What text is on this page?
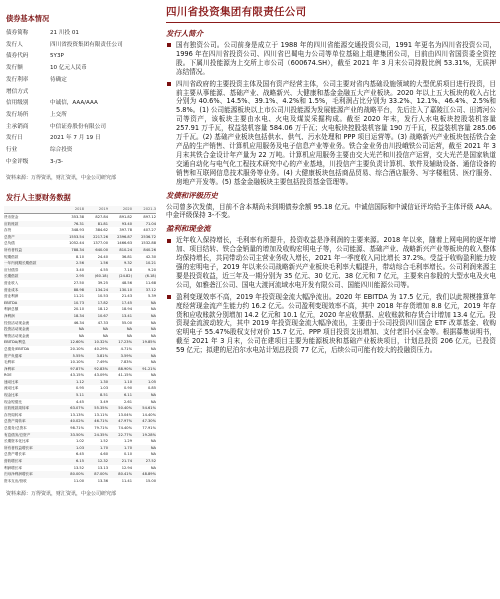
债券基本情况
债券简称	21 川投 01
发行人	四川省投资集团有限责任公司
债券代码	5Y3P
发行额	10 亿元人民币
发行利率	待确定
增信方式	
信用级别	中诚信，AAA/AAA
发行场所	上交所
主承销商	中信证券股份有限公司
发行日	2021 年 7 月 19 日
行业	综合投资
中金评级	3-/3-
资料来源：万得资讯，财汇资讯，中金公司研究部
发行人主要财务数据
	2018	2019	2020	2021.3
货币资金	353.38	827.84	891.82	897.12
应收账款	76.31	81.81	93.40	71.04
存货	348.93	384.62	397.78	407.27
总资产	1553.54	2217.26	2396.87	2536.72
总负债	1052.44	1377.00	1466.63	1532.88
所有者权益	788.34	640.00	810.24	840.26
短期借款	8.10	24.40	36.81	42.30
一年内到期长期借款	2.56	1.56	9.32	10.21
应付债券	3.40	4.55	7.18	9.20
长期借款	2.95	(60.18)	(24.82)	(6.18)
营业收入	27.50	39.25	48.56	11.68
营业成本	88.98	134.24	130.10	37.12
营业利润	11.21	10.53	21.43	5.39
EBITDA	10.73	17.82	17.45	NA
利润总额	20.10	18.12	18.94	NA
净利润	18.34	10.67	13.41	NA
经营活动现金流	46.34	47.33	55.00	NA
投资活动现金流	NA	NA	NA	NA
筹资活动现金流	NA	NA	NA	NA
EBITDA/利息	12.60%	10.32%	17.23%	19.85%
总债务/EBITDA	20.10%	40.29%	4.71%	NA
资产负债率	5.55%	3.81%	3.59%	NA
毛利率	10.10%	7.49%	7.83%	NA
净利率	97.87%	92.83%	88.90%	91.21%
ROE	43.15%	43.09%	41.15%	NA
速动比率	1.12	1.30	1.10	1.05
流动比率	0.95	1.03	0.90	0.85
现金比率	5.11	8.51	6.11	NA
现金短债比	4.45	3.49	2.61	NA
应收账款周转率	63.07%	55.35%	50.40%	54.61%
存货周转率	13.13%	13.11%	13.04%	14.40%
总资产周转率	40.02%	46.71%	47.97%	47.30%
总债务/总资本	98.71%	79.71%	74.40%	77.91%
有息债务/总资产	33.50%	24.35%	22.77%	19.28%
长期资本化比率	1.02	1.52	1.29	NA
所有者权益增长率	1.03	1.70	1.70	NA
总资产增长率	6.45	4.60	0.10	NA
营收增长率	6.15	12.32	21.74	27.52
利润增长率	13.52	13.13	12.94	NA
归母净利润增长率	80.00%	87.00%	80.41%	48.89%
资本支出/营收	11.00	13.36	11.41	15.00
资料来源：万得资讯，财汇资讯，中金公司研究部
四川省投资集团有限责任公司
发行人简介
国有独资公司。公司前身是成立于 1988 年的四川省能源交通投资公司，1991 年更名为四川省投资公司，1996 年在四川省投资公司、四川省巴蜀电力公司等单位基础上组建集团公司，目前由四川省国资委全资控股。下属川投能源为上交所上市公司（600674.SH），截至 2021 年 3 月末公司持股比例 53.31%，无质押冻结情况。
四川省政府的主要投资主体及国有资产经营主体，公司主要对省内基础设施领域的大型优质项目进行投资，目前主要从事能源、基础产业、战略新兴、大健康和基金金融五大产业板块。2020 年以上五大板块的收入占比分别为 40.6%、14.5%、39.1%、4.2%和 1.5%，毛利润占比分别为 33.2%、12.1%、46.4%、2.5%和 5.8%。(1) 公司能源板块以上市公司川投能源为发展能源产业的战略平台，先后注入了嘉陵江公司、田湾河公司等资产，该板块主要由水电、火电及煤炭采掘构成。截至 2020 年末，发行人水电板块控股装机容量 257.91 万千瓦，权益装机容量 584.06 万千瓦；火电板块控股装机容量 190 万千瓦，权益装机容量 285.06 万千瓦。(2) 基础产业板块包括供水、供气、污水处理和 PPP 项目运营等。(3) 战略新兴产业板块包括铁合金产品的生产销售、计算机应用服务及电子信息产业等业务。铁合金业务由川投峨铁公司运营，截至 2021 年 3 月末其铁合金设计年产量为 22 万吨。计算机应用服务主要由交大光芒和川投信产运营，交大光芒是国家轨道交通自动化与电气化工程技术研究中心的产业基地，川投信产主要负责计算机、软件及辅助设备、通信设备的销售和互联网信息技术服务等业务。(4) 大健康板块包括商品贸易、综合酒店服务、写字楼租赁、医疗服务、房地产开发等。(5) 基金金融板块主要包括投资基金管理等。
发债和评级历史
公司曾多次发债，目前不含本期尚未到期债券余额 95.18 亿元。中诚信国际和中诚信证评均给予主体评级 AAA。中金评级保持 3-不变。
盈利和现金流
近年收入保持增长，毛利率有所提升，投资收益是净利润的主要来源。2018 年以来，随着上网电网的逐年增加、项目结转、铁合金销量的增加及收购宏明电子等，公司能源、基础产业、战略新兴产业等板块的收入整体均保持增长，共同带动公司主营业务收入增长，2021 年一季度收入同比增长 37.2%。受益于收购盈利能力较强的宏明电子，2019 年以来公司战略新兴产业板块毛利率大幅提升，带动综合毛利率增长。公司利润来源主要是投资收益，近三年及一期分别为 35 亿元、30 亿元、38 亿元和 7 亿元，主要来自参股的大型水电及火电公司，如雅砻江公司、国电大渡河流域水电开发有限公司、国能四川能源公司等。
盈利变现效率不高，2019 年投资现金流大幅净流出。2020 年 EBITDA 为 17.5 亿元，我们以此规模推算年度经营现金流产生能力约 16.2 亿元。公司盈利变现效率不高，其中 2018 年存货增加 8.8 亿元，2019 年存货和应收账款分别增加 14.2 亿元和 10.1 亿元，2020 年应收票据、应收账款和存货合计增加 13.4 亿元。投资现金流波动较大，其中 2019 年投资现金流大幅净流出，主要由于公司投资四川国企 ETF 改革基金、收购宏明电子 55.47%股权支付对价 15.7 亿元、PPP 项目投资支出增加、支付老旧小区金等。根据募集说明书，截至 2021 年 3 月末，公司在建项目主要为能源板块和基础产业板块项目，计划总投资 206 亿元，已投资 59 亿元；拟建的尼泊尔水电站计划总投资 77 亿元，后续公司可能有较大的投融资压力。
